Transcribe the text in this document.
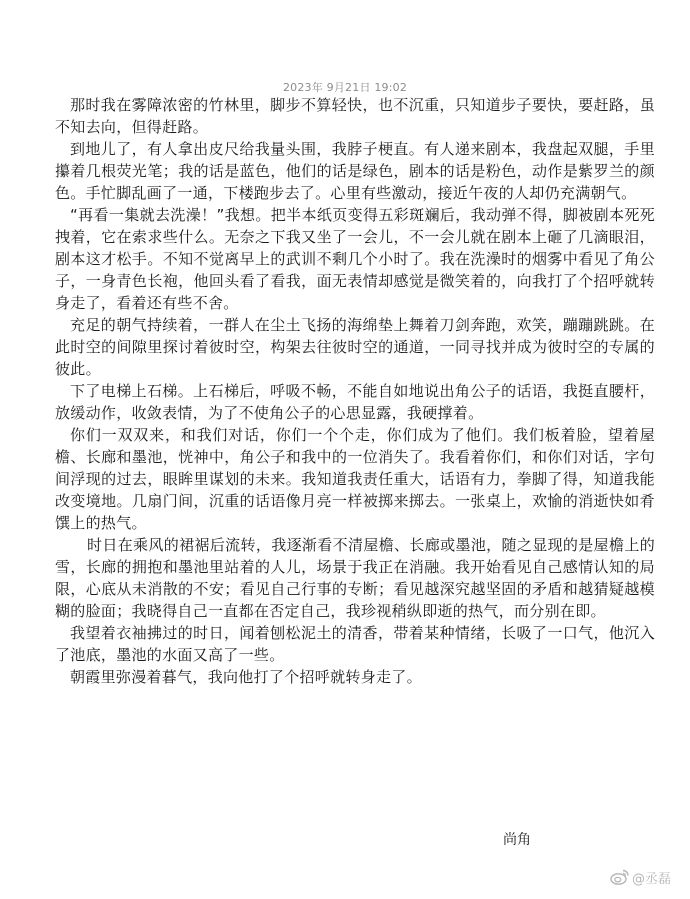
2023年 9月21日 19:02

那时我在雾障浓密的竹林里，脚步不算轻快，也不沉重，只知道步子要快，要赶路，虽不知去向，但得赶路。

到地儿了，有人拿出皮尺给我量头围，我脖子梗直。有人递来剧本，我盘起双腿，手里攥着几根荧光笔；我的话是蓝色，他们的话是绿色，剧本的话是粉色，动作是紫罗兰的颜色。手忙脚乱画了一通，下楼跑步去了。心里有些激动，接近午夜的人却仍充满朝气。

“再看一集就去洗澡！”我想。把半本纸页变得五彩斑斓后，我动弹不得，脚被剧本死死拽着，它在索求些什么。无奈之下我又坐了一会儿，不一会儿就在剧本上砸了几滴眼泪，剧本这才松手。不知不觉离早上的武训不剩几个小时了。我在洗澡时的烟雾中看见了角公子，一身青色长袍，他回头看了看我，面无表情却感觉是微笑着的，向我打了个招呼就转身走了，看着还有些不舍。

充足的朝气持续着，一群人在尘土飞扬的海绵垫上舞着刀剑奔跑，欢笑，蹦蹦跳跳。在此时空的间隙里探讨着彼时空，构架去往彼时空的通道，一同寻找并成为彼时空的专属的彼此。

下了电梯上石梯。上石梯后，呼吸不畅，不能自如地说出角公子的话语，我挺直腰杆，放缓动作，收敛表情，为了不使角公子的心思显露，我硬撑着。

你们一双双来，和我们对话，你们一个个走，你们成为了他们。我们板着脸，望着屋檐、长廊和墨池，恍神中，角公子和我中的一位消失了。我看着你们，和你们对话，字句间浮现的过去，眼眸里谋划的未来。我知道我责任重大，话语有力，拳脚了得，知道我能改变境地。几扇门间，沉重的话语像月亮一样被掷来掷去。一张桌上，欢愉的消逝快如肴馔上的热气。

时日在乘风的裙裾后流转，我逐渐看不清屋檐、长廊或墨池，随之显现的是屋檐上的雪，长廊的拥抱和墨池里站着的人儿，场景于我正在消融。我开始看见自己感情认知的局限，心底从未消散的不安；看见自己行事的专断；看见越深究越坚固的矛盾和越猜疑越模糊的脸面；我晓得自己一直都在否定自己，我珍视稍纵即逝的热气，而分别在即。

我望着衣袖拂过的时日，闻着刨松泥土的清香，带着某种情绪，长吸了一口气，他沉入了池底，墨池的水面又高了一些。

朝霞里弥漫着暮气，我向他打了个招呼就转身走了。

尚角
@丞磊
